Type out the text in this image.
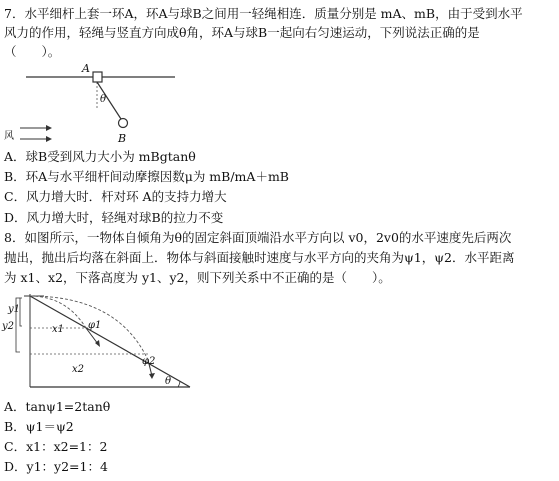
7．水平细杆上套一环A，环A与球B之间用一轻绳相连．质量分别是 mA、mB，由于受到水平
风力的作用，轻绳与竖直方向成θ角，环A与球B一起向右匀速运动，下列说法正确的是
（　　）。
A
θ
B
风
A．球B受到风力大小为 mBgtanθ
B．环A与水平细杆间动摩擦因数μ为 mB/mA＋mB
C．风力增大时．杆对环 A的支持力增大
D．风力增大时，轻绳对球B的拉力不变
8．如图所示，一物体自倾角为θ的固定斜面顶端沿水平方向以 v0，2v0的水平速度先后两次
抛出，抛出后均落在斜面上．物体与斜面接触时速度与水平方向的夹角为ψ1，ψ2．水平距离
为 x1、x2，下落高度为 y1、y2，则下列关系中不正确的是（　　）。
y1
y2	x1
x2
φ1
φ2
θ
A．tanψ1=2tanθ
B．ψ1＝ψ2
C．x1：x2=1：2
D．y1：y2=1：4
